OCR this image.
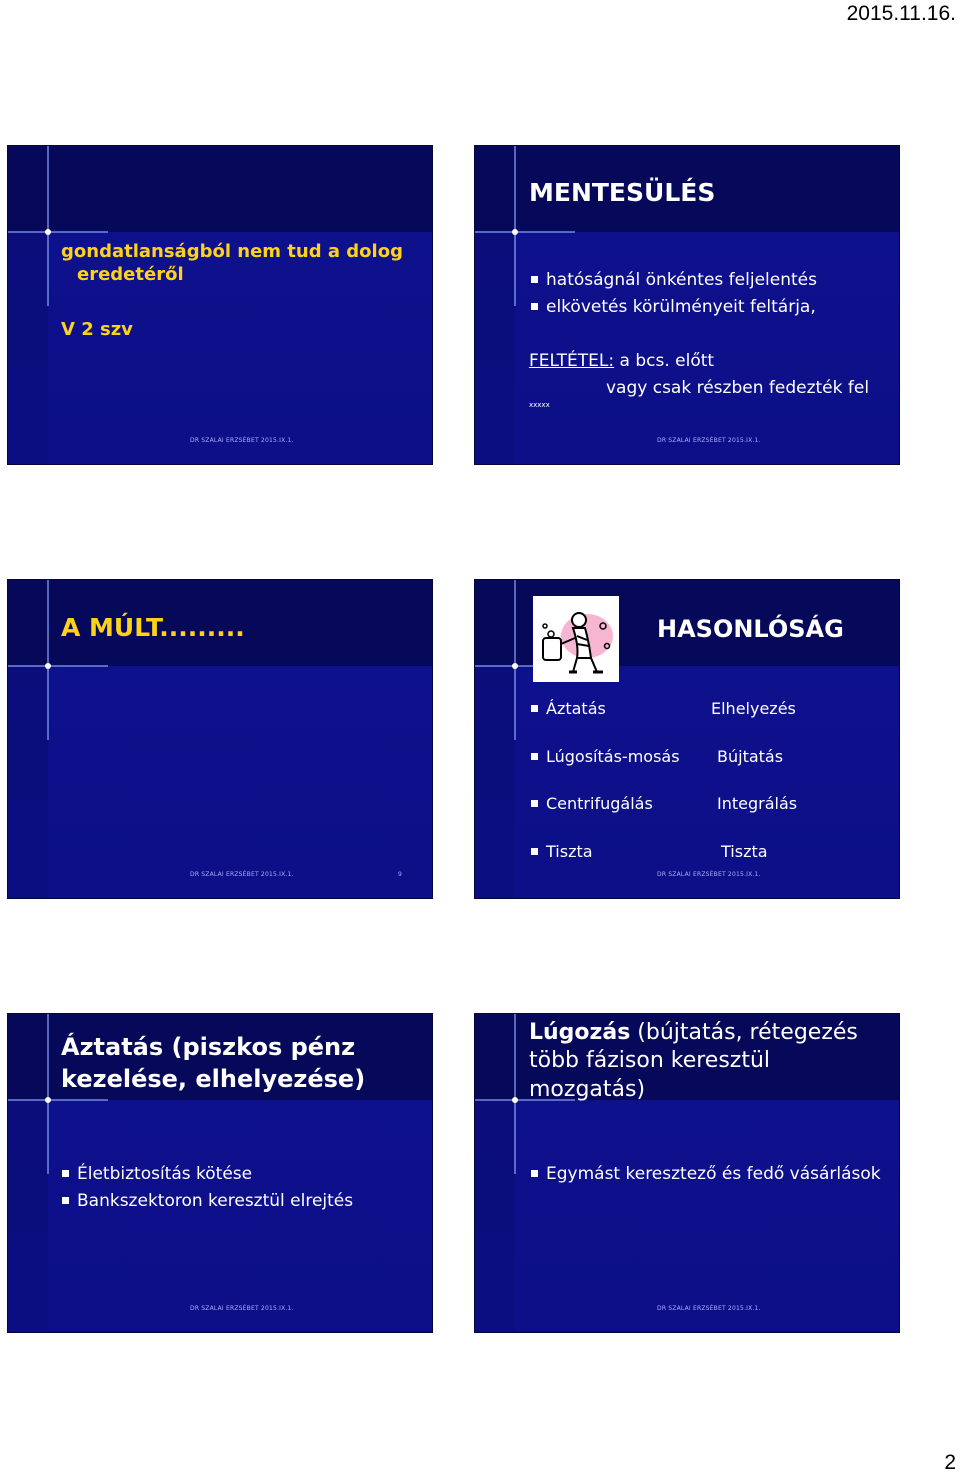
2015.11.16.
gondatlanságból nem tud a dolog
eredetéről
V 2 szv
DR SZALAI ERZSÉBET 2015.IX.1.
MENTESÜLÉS
hatóságnál önkéntes feljelentés
elkövetés körülményeit feltárja,
FELTÉTEL: a bcs. előtt
vagy csak részben fedezték fel
xxxxx
DR SZALAI ERZSÉBET 2015.IX.1.
A MÚLT.........
DR SZALAI ERZSÉBET 2015.IX.1.	9
HASONLÓSÁG
Áztatás
Lúgosítás-mosás
Centrifugálás
Tiszta
Elhelyezés
Bújtatás
Integrálás
Tiszta
DR SZALAI ERZSÉBET 2015.IX.1.
Áztatás (piszkos pénz
kezelése, elhelyezése)
Életbiztosítás kötése
Bankszektoron keresztül elrejtés
DR SZALAI ERZSÉBET 2015.IX.1.
Lúgozás (bújtatás, rétegezés
több fázison keresztül
mozgatás)
Egymást keresztező és fedő vásárlások
DR SZALAI ERZSÉBET 2015.IX.1.
2
